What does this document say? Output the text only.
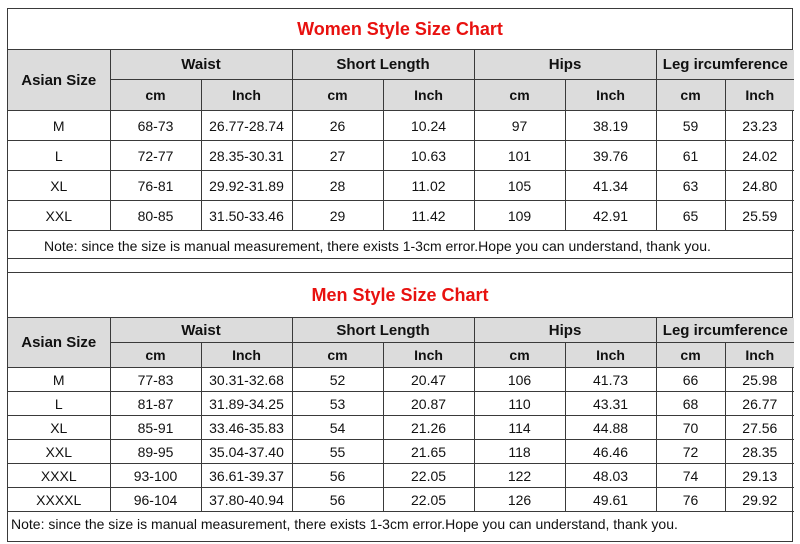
Women Style Size Chart
Asian Size	Waist		Short Length		Hips		Leg ircumference	
	cm	Inch	cm	Inch	cm	Inch	cm	Inch
M	68-73	26.77-28.74	26	10.24	97	38.19	59	23.23
L	72-77	28.35-30.31	27	10.63	101	39.76	61	24.02
XL	76-81	29.92-31.89	28	11.02	105	41.34	63	24.80
XXL	80-85	31.50-33.46	29	11.42	109	42.91	65	25.59
Note: since the size is manual measurement, there exists 1-3cm error.Hope you can understand, thank you.								
Men Style Size Chart
Asian Size	Waist		Short Length		Hips		Leg ircumference	
	cm	Inch	cm	Inch	cm	Inch	cm	Inch
M	77-83	30.31-32.68	52	20.47	106	41.73	66	25.98
L	81-87	31.89-34.25	53	20.87	110	43.31	68	26.77
XL	85-91	33.46-35.83	54	21.26	114	44.88	70	27.56
XXL	89-95	35.04-37.40	55	21.65	118	46.46	72	28.35
XXXL	93-100	36.61-39.37	56	22.05	122	48.03	74	29.13
XXXXL	96-104	37.80-40.94	56	22.05	126	49.61	76	29.92
Note: since the size is manual measurement, there exists 1-3cm error.Hope you can understand, thank you.								
